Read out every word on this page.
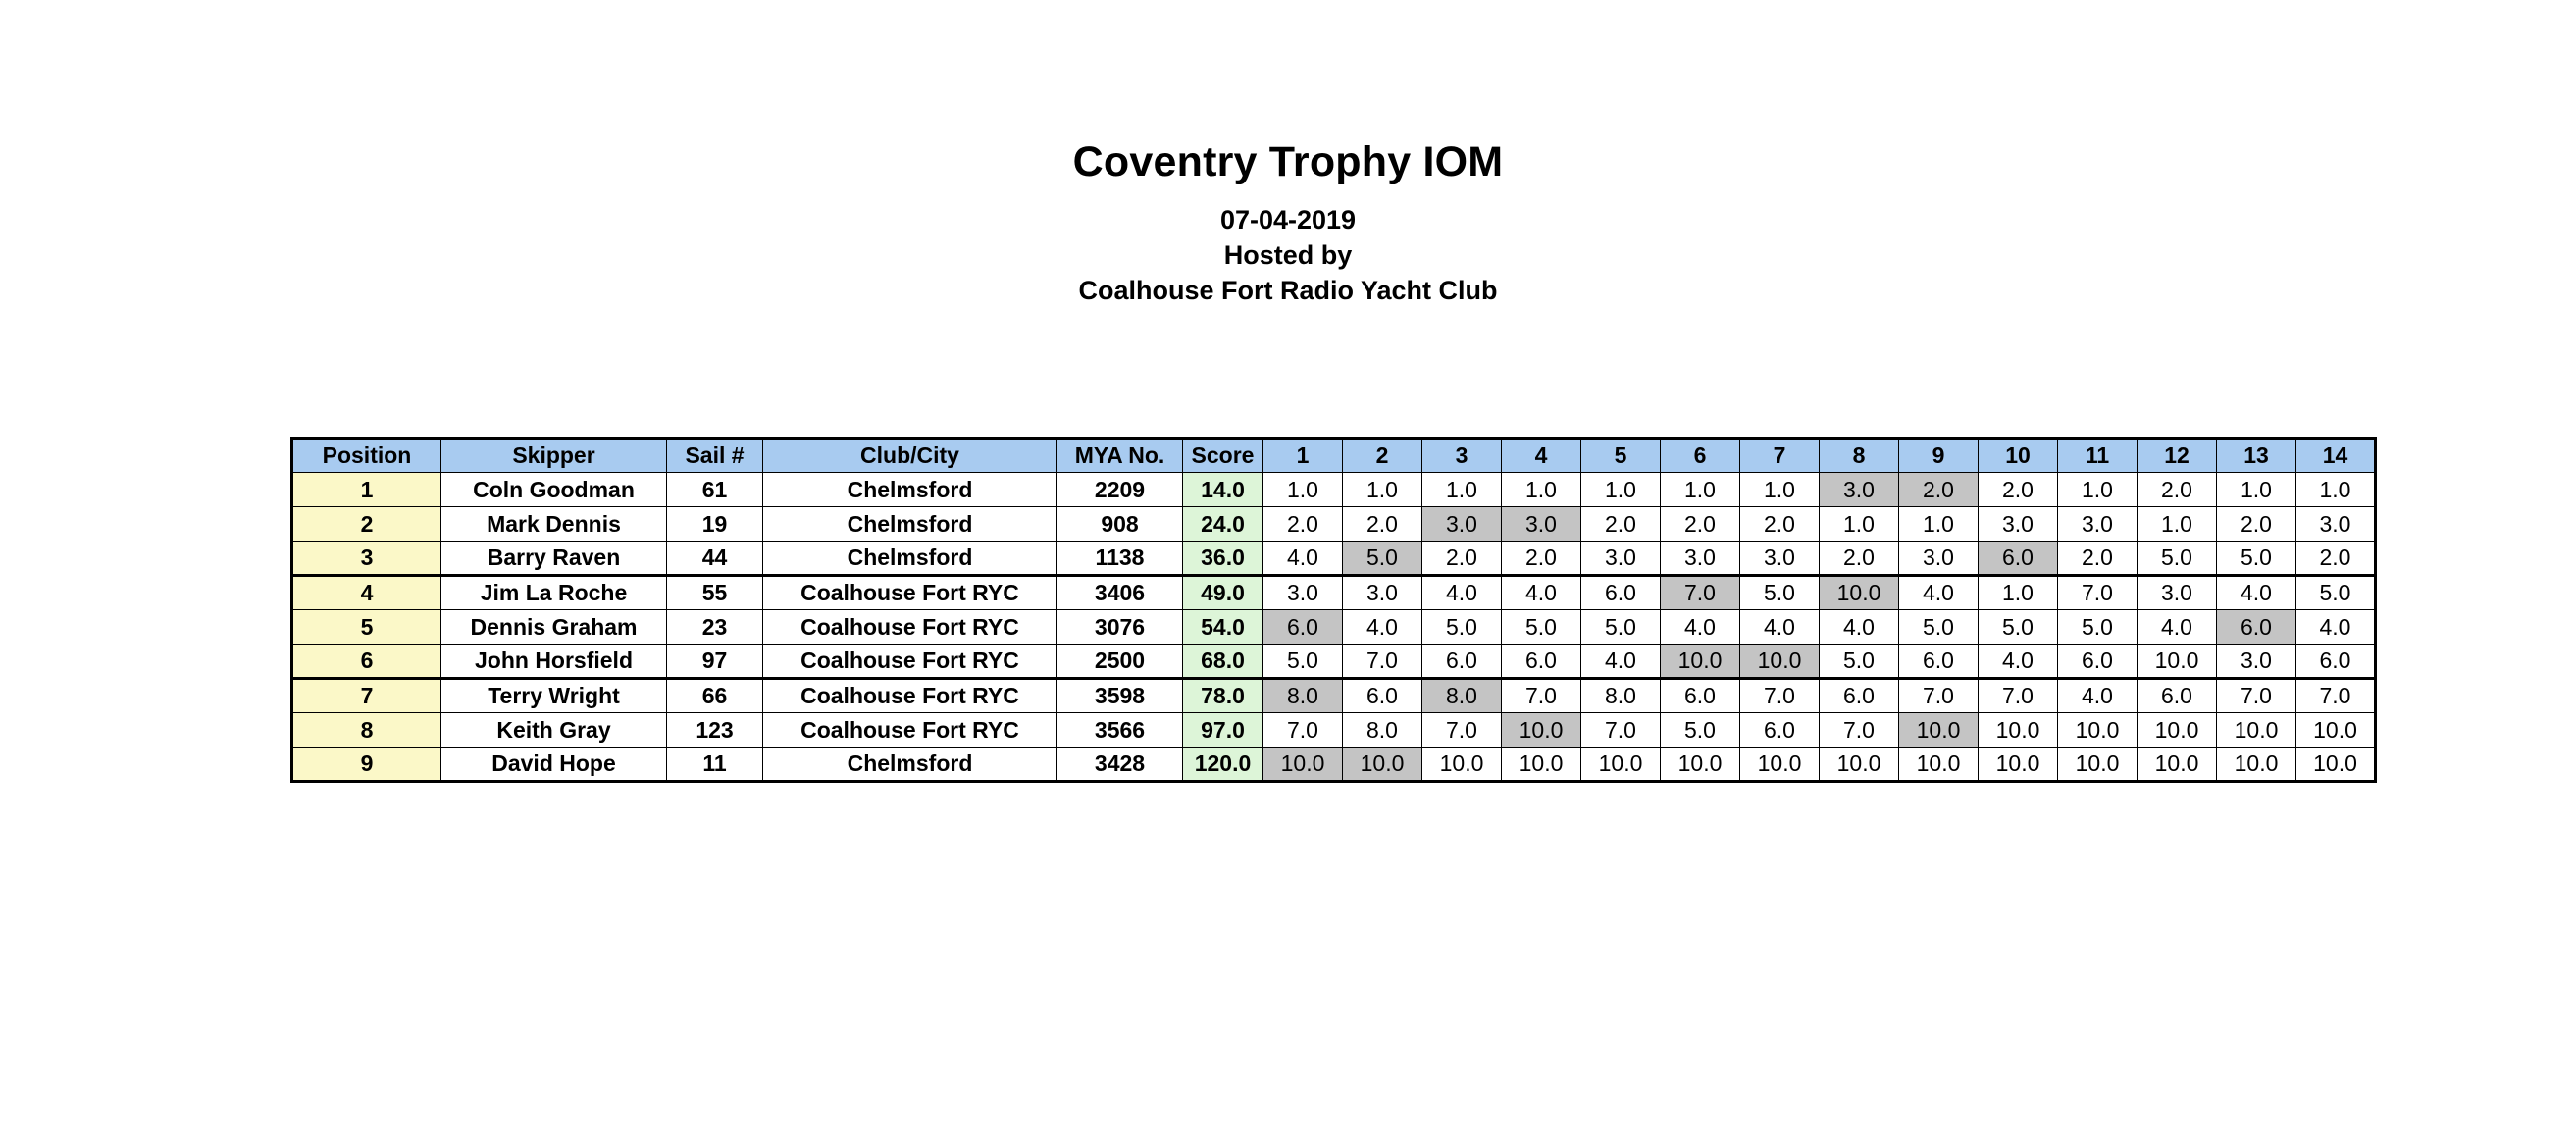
Coventry Trophy IOM
07-04-2019
Hosted by
Coalhouse Fort Radio Yacht Club
Position	Skipper	Sail #	Club/City	MYA No.	Score	1	2	3	4	5	6	7	8	9	10	11	12	13	14
1	Coln Goodman	61	Chelmsford	2209	14.0	1.0	1.0	1.0	1.0	1.0	1.0	1.0	3.0	2.0	2.0	1.0	2.0	1.0	1.0
2	Mark Dennis	19	Chelmsford	908	24.0	2.0	2.0	3.0	3.0	2.0	2.0	2.0	1.0	1.0	3.0	3.0	1.0	2.0	3.0
3	Barry Raven	44	Chelmsford	1138	36.0	4.0	5.0	2.0	2.0	3.0	3.0	3.0	2.0	3.0	6.0	2.0	5.0	5.0	2.0
4	Jim La Roche	55	Coalhouse Fort RYC	3406	49.0	3.0	3.0	4.0	4.0	6.0	7.0	5.0	10.0	4.0	1.0	7.0	3.0	4.0	5.0
5	Dennis Graham	23	Coalhouse Fort RYC	3076	54.0	6.0	4.0	5.0	5.0	5.0	4.0	4.0	4.0	5.0	5.0	5.0	4.0	6.0	4.0
6	John Horsfield	97	Coalhouse Fort RYC	2500	68.0	5.0	7.0	6.0	6.0	4.0	10.0	10.0	5.0	6.0	4.0	6.0	10.0	3.0	6.0
7	Terry Wright	66	Coalhouse Fort RYC	3598	78.0	8.0	6.0	8.0	7.0	8.0	6.0	7.0	6.0	7.0	7.0	4.0	6.0	7.0	7.0
8	Keith Gray	123	Coalhouse Fort RYC	3566	97.0	7.0	8.0	7.0	10.0	7.0	5.0	6.0	7.0	10.0	10.0	10.0	10.0	10.0	10.0
9	David Hope	11	Chelmsford	3428	120.0	10.0	10.0	10.0	10.0	10.0	10.0	10.0	10.0	10.0	10.0	10.0	10.0	10.0	10.0
